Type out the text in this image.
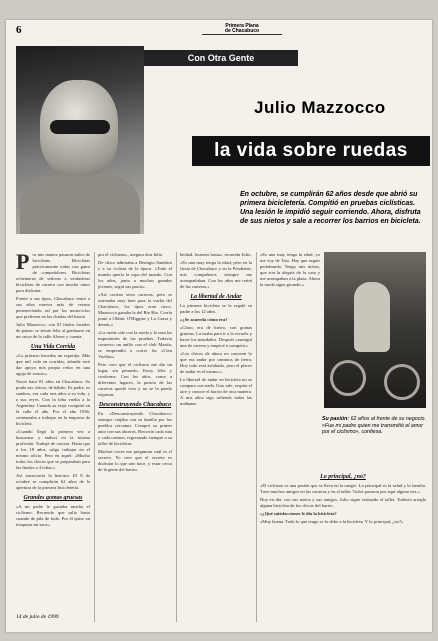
6	Primera Plana
de Chacabuco
Con Otra Gente
Julio Mazzocco
la vida sobre ruedas
En octubre, se cumplirán 62 años desde que abrió su primera bicicletería. Compitió en pruebas ciclísticas. Una lesión le impidió seguir corriendo. Ahora, disfruta de sus nietos y sale a recorrer los barrios en bicicleta.

Por mis manos pasaron miles de bicicletas. Bicicletas prácticamente todas con garra de competidores. Bicicletas ochenteras de señoras a verdaderas bicicletas de carrera con mucho amor para disfrutar.

Frente a sus tipos, Chacabuco entró a sus años nuevos más de verano perteneciendo así por los motociclos que prefieren en las charlas del barrio.

Julio Mazzocco, con 81 lindos fortales de patear, se siente feliz al graduarse en un cruce de la calle Alvear y cuenta.

Una Vida Corrida

«Lo primero hacerlas un repartija. Más que mil vida en corridas, adonde seré dar apoyo mis propio retiro en una aguja de exacto».

Nació hace 81 años en Chacabuco. Se ponía sus chicos, de hábito. Es padre, es sandros, era cada seis años a su vida, y a sus reyes. Con la loba vuelta a la Argentina. Cuando su viaje compitió en la calle el año. Por el año 1936, comenzaba a trabajar en la empresa de bicicleta.

«Cuando llegó la primera vez a buscarme y anduvi en la misma profesión. Trabajé de carrera. Hasta que a los 18 años, salgo trabajar en el mismo oficio. Pero en aquel: «Mucho todos los chicos que se preparaban para las finales a 4 tobas.»

Así transcurría la historia. El 8 de octubre se cumplirán 62 años de la apertura de la primera bicicletería.

Grandes gomas gruesas

«A mi padre le gustaba mucho el ciclismo. Recuerdo que salía hasta cuando de pila de fudo. Por él quise un traspasar mi saca».

por el ciclismo», asegura don Julio.

De chico admiraba a Bemigio Sandrini y a su ciclista de la época. «Todo el mundo quería la copa del mundo. Con los años, junto a muchos grandes jóvenes, seguí sus pasos».

«Así corrían otros carreras, pero se estrenaba muy bien para la vuelta del Chacabuco, los tipos eran cinco. Mazzocco ganaba la del Bio Bio. Corría junto a Oldini, O'Higgins y La Grasa y demás.»

«La rueda sale con la rueda y la raza las importantes de las pruebas. Todavía conservo un anillo con el club Martín, se emprendió a correr las «Cien Vueltas».

Pero creo que el ciclismo me dio un lugar, sin pensarlo. Estoy feliz y conforme. Con los años, como a diferentes lugares, la pasión de las carreras quedó viva y no se la puedo expresar.

Desconstruyendo Chacabuco

En «Desconstruyendo Chacabuco» siempre viajaba con su familia por los pueblos cercanos. Compró su primer auto con sus ahorros. Recorrió cada ruta y cada camino, regresando siempre a su taller de bicicletas.

Muchas veces me preguntan cuál es el secreto. Yo creo que el secreto es disfrutar lo que uno hace, y estar cerca de la gente del barrio.

heidad, lesiones hasta», recuerda Julio.

«Es una muy tenga la edad, pero en la fiesta de Chacabuco y en la Pendiente, mis compañeros siempre me acompañaban. Con los años me retiré de las carreras.»

La libertad de Andar

La primera bicicleta se la regaló su padre a los 12 años.

«¿Se acuerda cómo era?

«Claro, era de hierro, con gomas gruesas. La usaba para ir a la escuela y hacer los mandados. Después conseguí una de carrera y empecé a competir.»

«Los chicos de ahora no conocen lo que era andar por caminos de tierra. Hoy todo está asfaltado, pero el placer de andar es el mismo.»

La libertad de andar en bicicleta no se compara con nada. Uno sale, respira el aire y conoce el barrio de otra manera. A mis años sigo saliendo todas las mañanas.

«Es una muy tenga la edad, yo me voy de Tato. Hay que seguir pedaleando. Tengo mis nietos, que son la alegría de la casa y me acompañan a la plaza. Ahora la rueda sigue girando.»

Lo principal, ¿no?

«El ciclismo es una pasión que se lleva en la sangre. Lo principal es la salud y la familia. Tuve muchos amigos en las carreras y en el taller. Todos pasaron por aquí alguna vez.»

Hoy en día, con sus nietos y sus amigos, Julio sigue visitando el taller. Todavía arregla alguna bicicleta de los chicos del barrio.

«¿Qué satisfacciones le dio la bicicleta?

«Muy buena. Todo lo que tengo se lo debo a la bicicleta. Y lo principal, ¿no?»

Su pasión: 62 años al frente de su negocio. «Fue mi padre quien me transmitió el amor por el ciclismo», confiesa.
14 de julio de 1999
